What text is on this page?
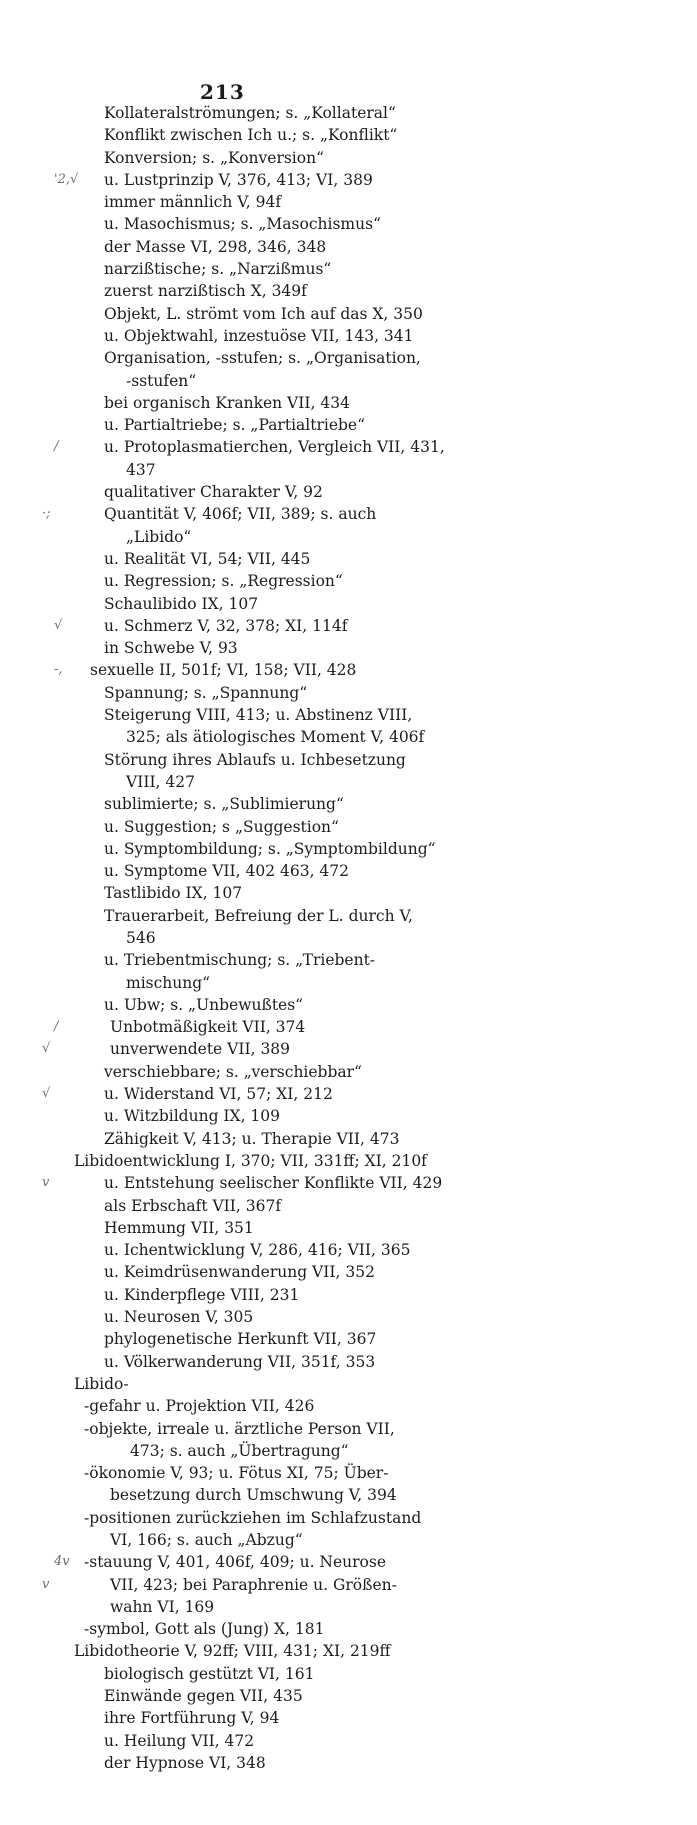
213
Kollateralströmungen; s. „Kollateral“
Konflikt zwischen Ich u.; s. „Konflikt“
Konversion; s. „Konversion“
'2,√ u. Lustprinzip V, 376, 413; VI, 389
immer männlich V, 94f
u. Masochismus; s. „Masochismus“
der Masse VI, 298, 346, 348
narzißtische; s. „Narzißmus“
zuerst narzißtisch X, 349f
Objekt, L. strömt vom Ich auf das X, 350
u. Objektwahl, inzestuöse VII, 143, 341
Organisation, -sstufen; s. „Organisation,
-sstufen“
bei organisch Kranken VII, 434
u. Partialtriebe; s. „Partialtriebe“
/	u. Protoplasmatierchen, Vergleich VII, 431,
437
qualitativer Charakter V, 92
·;	Quantität V, 406f; VII, 389; s. auch
„Libido“
u. Realität VI, 54; VII, 445
u. Regression; s. „Regression“
Schaulibido IX, 107
√	u. Schmerz V, 32, 378; XI, 114f
in Schwebe V, 93
-, sexuelle II, 501f; VI, 158; VII, 428
Spannung; s. „Spannung“
Steigerung VIII, 413; u. Abstinenz VIII,
325; als ätiologisches Moment V, 406f
Störung ihres Ablaufs u. Ichbesetzung
VIII, 427
sublimierte; s. „Sublimierung“
u. Suggestion; s „Suggestion“
u. Symptombildung; s. „Symptombildung“
u. Symptome VII, 402 463, 472
Tastlibido IX, 107
Trauerarbeit, Befreiung der L. durch V,
546
u. Triebentmischung; s. „Triebent-
mischung“
u. Ubw; s. „Unbewußtes“
/	Unbotmäßigkeit VII, 374
√	unverwendete VII, 389
verschiebbare; s. „verschiebbar“
√	u. Widerstand VI, 57; XI, 212
u. Witzbildung IX, 109
Zähigkeit V, 413; u. Therapie VII, 473
Libidoentwicklung I, 370; VII, 331ff; XI, 210f
v	u. Entstehung seelischer Konflikte VII, 429
als Erbschaft VII, 367f
Hemmung VII, 351
u. Ichentwicklung V, 286, 416; VII, 365
u. Keimdrüsenwanderung VII, 352
u. Kinderpflege VIII, 231
u. Neurosen V, 305
phylogenetische Herkunft VII, 367
u. Völkerwanderung VII, 351f, 353
Libido-
-gefahr u. Projektion VII, 426
-objekte, irreale u. ärztliche Person VII,
473; s. auch „Übertragung“
-ökonomie V, 93; u. Fötus XI, 75; Über-
besetzung durch Umschwung V, 394
-positionen zurückziehen im Schlafzustand
VI, 166; s. auch „Abzug“
4v -stauung V, 401, 406f, 409; u. Neurose
v	VII, 423; bei Paraphrenie u. Größen-
wahn VI, 169
-symbol, Gott als (Jung) X, 181
Libidotheorie V, 92ff; VIII, 431; XI, 219ff
biologisch gestützt VI, 161
Einwände gegen VII, 435
ihre Fortführung V, 94
u. Heilung VII, 472
der Hypnose VI, 348
